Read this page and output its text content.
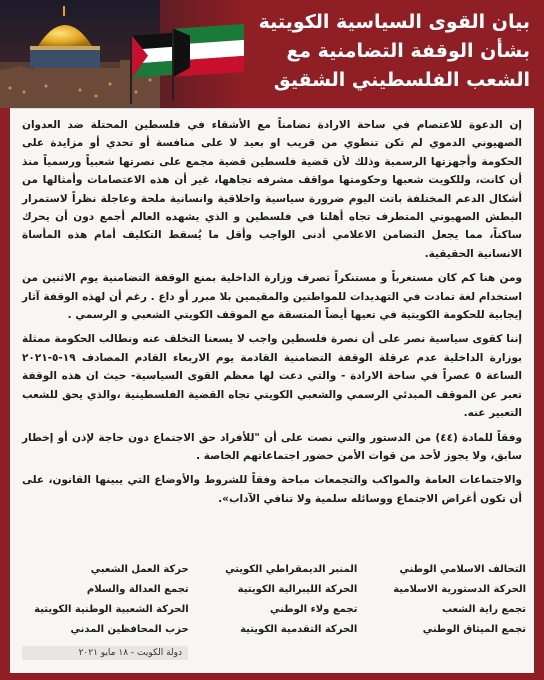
بيان القوى السياسية الكويتية
بشأن الوقفة التضامنية مع
الشعب الفلسطيني الشقيق

إن الدعوة للاعتصام في ساحة الارادة تضامناً مع الأشقاء في فلسطين المحتلة ضد العدوان الصهيوني الدموي لم تكن تنطوي من قريب او بعيد لا على منافسة أو تحدي أو مزايدة على الحكومة وأجهزتها الرسمية وذلك لأن قضية فلسطين قضية مجمع على نصرتها شعبياً ورسمياً منذ أن كانت، وللكويت شعبها وحكومتها مواقف مشرفه تجاهها، غير أن هذه الاعتصامات وأمثالها من أشكال الدعم المختلفة باتت اليوم ضرورة سياسية واخلاقية وانسانية ملحة وعاجلة نظراً لاستمرار البطش الصهيوني المتطرف تجاه أهلنا في فلسطين و الذي يشهده العالم أجمع دون أن يحرك ساكناً، مما يجعل التضامن الاعلامي أدنى الواجب وأقل ما يُسقط التكليف أمام هذه المأساة الانسانية الحقيقية.

ومن هنا كم كان مستغرباً و مستنكراً تصرف وزارة الداخلية بمنع الوقفة التضامنية يوم الاثنين من استخدام لغة تمادت في التهديدات للمواطنين والمقيمين بلا مبرر أو داع . رغم أن لهذه الوقفة آثار إيجابية للحكومة الكويتية في تعيها أيضاً المتسقة مع الموقف الكويتي الشعبي و الرسمي .

إننا كقوى سياسية نصر على أن نصرة فلسطين واجب لا يسعنا التخلف عنه ونطالب الحكومة ممثلة بوزارة الداخلية عدم عرقلة الوقفة التضامنية القادمة يوم الاربعاء القادم المصادف ١٩-٥-٢٠٢١ الساعة ٥ عصراً في ساحة الارادة - والتي دعت لها معظم القوى السياسية- حيث ان هذه الوقفة تعبر عن الموقف المبدئي الرسمي والشعبي الكويتي تجاه القضية الفلسطينية ،والذي يحق للشعب التعبير عنه.

وفقاً للمادة (٤٤) من الدستور والتي نصت على أن "للأفراد حق الاجتماع دون حاجة لإذن أو إخطار سابق، ولا يجوز لأحد من قوات الأمن حضور اجتماعاتهم الخاصة .

والاجتماعات العامة والمواكب والتجمعات مباحة وفقاً للشروط والأوضاع التي يبينها القانون، على أن تكون أغراض الاجتماع ووسائله سلمية ولا تنافي الآداب».

التحالف الاسلامي الوطني
المنبر الديمقراطي الكويتي
حركة العمل الشعبي
الحركة الدستورية الاسلامية
الحركة الليبرالية الكويتية
تجمع العدالة والسلام
تجمع راية الشعب
تجمع ولاء الوطني
الحركة الشعبية الوطنية الكويتية
تجمع الميثاق الوطني
الحركة التقدمية الكويتية
حزب المحافظين المدني
دولة الكويت - ١٨ مايو ٢٠٢١
